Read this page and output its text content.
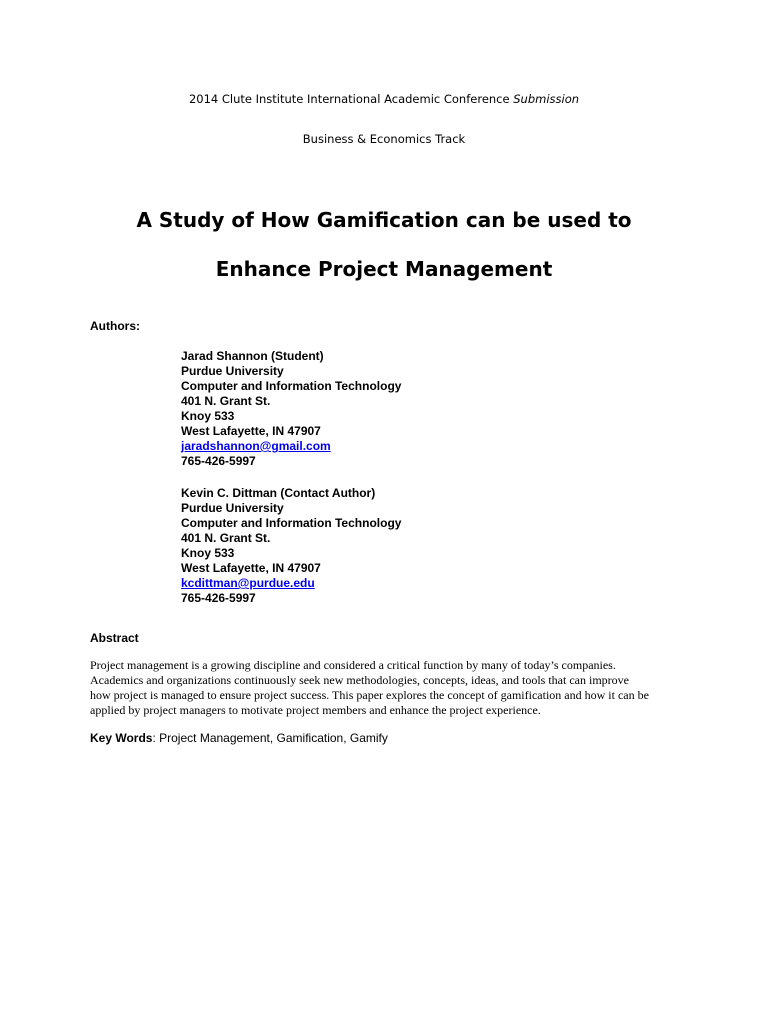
2014 Clute Institute International Academic Conference Submission
Business & Economics Track
A Study of How Gamification can be used to
Enhance Project Management
Authors:
Jarad Shannon (Student)
Purdue University
Computer and Information Technology
401 N. Grant St.
Knoy 533
West Lafayette, IN 47907
jaradshannon@gmail.com
765-426-5997
Kevin C. Dittman (Contact Author)
Purdue University
Computer and Information Technology
401 N. Grant St.
Knoy 533
West Lafayette, IN 47907
kcdittman@purdue.edu
765-426-5997
Abstract
Project management is a growing discipline and considered a critical function by many of today’s companies.
Academics and organizations continuously seek new methodologies, concepts, ideas, and tools that can improve
how project is managed to ensure project success. This paper explores the concept of gamification and how it can be
applied by project managers to motivate project members and enhance the project experience.
Key Words: Project Management, Gamification, Gamify
